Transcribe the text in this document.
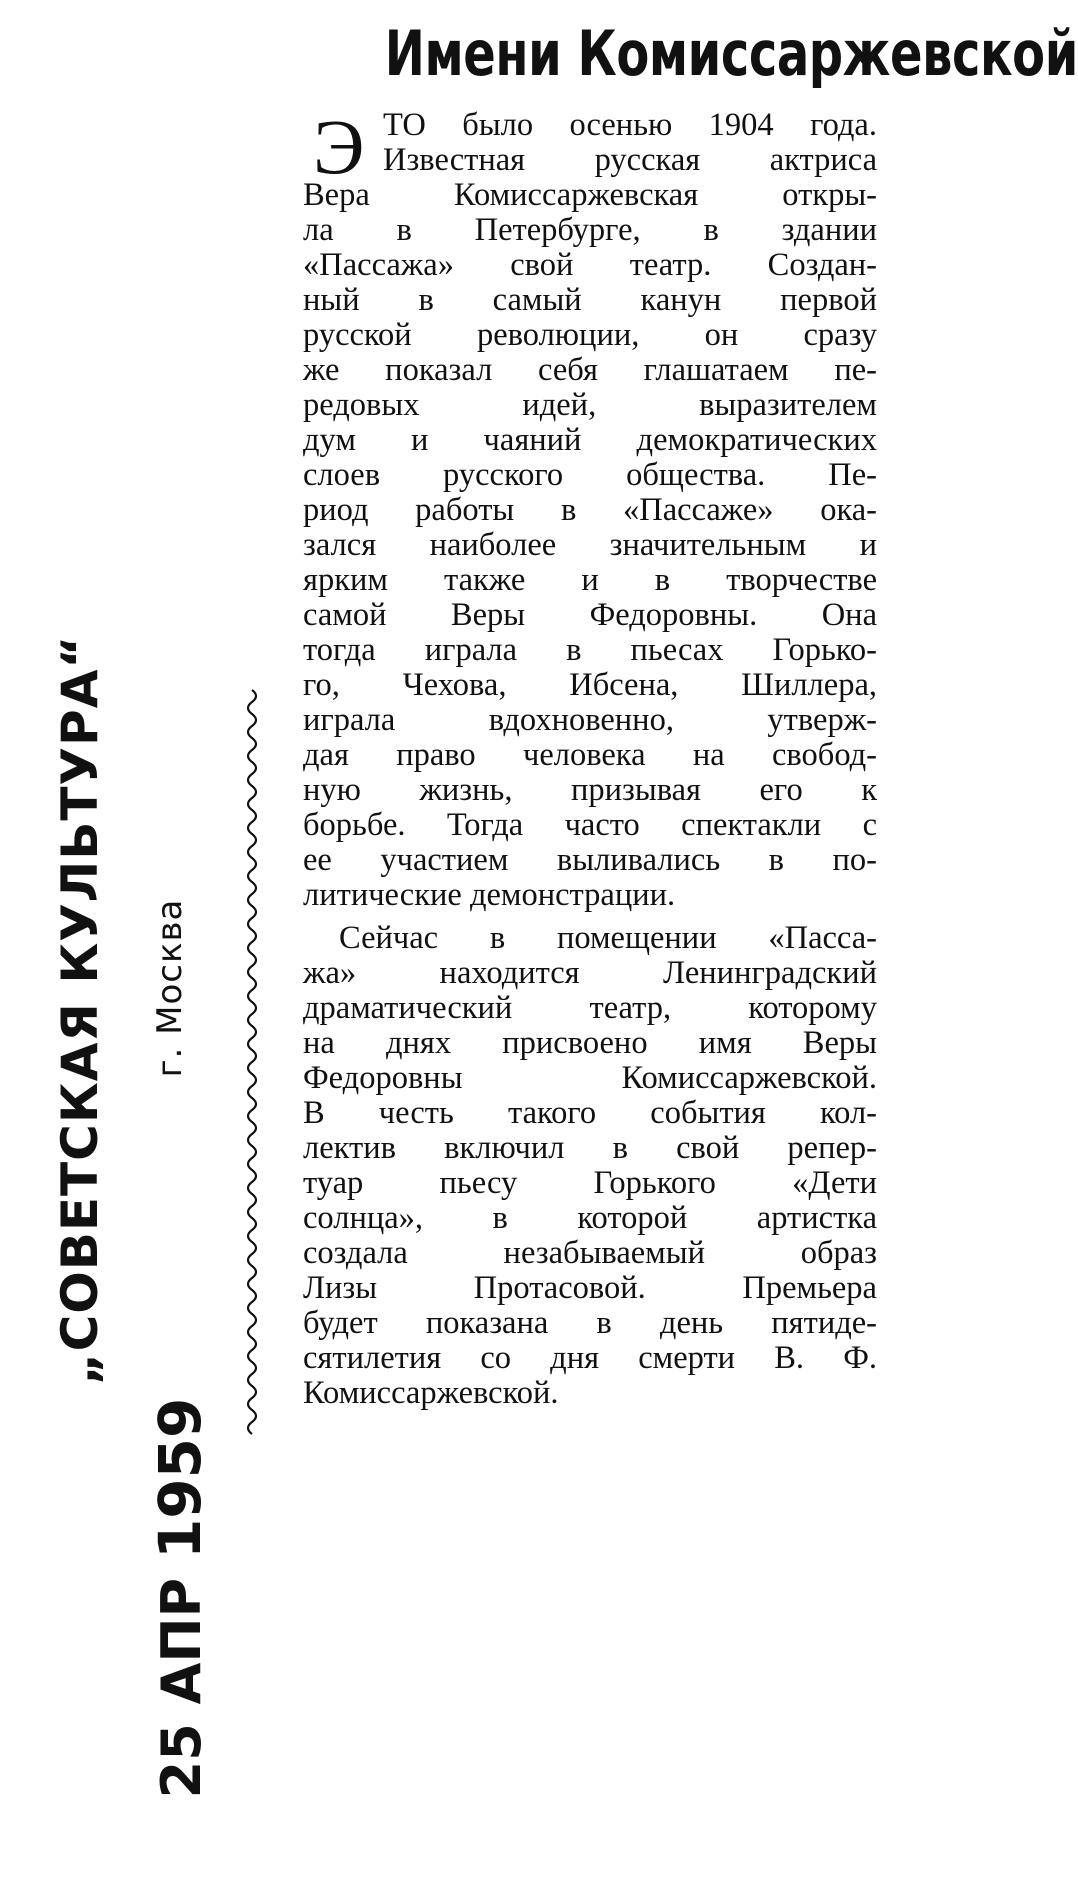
Имени Комиссаржевской
Э ТО было осенью 1904 года.
Известная русская актриса
Вера Комиссаржевская откры-
ла в Петербурге, в здании
«Пассажа» свой театр. Создан-
ный в самый канун первой
русской революции, он сразу
же показал себя глашатаем пе-
редовых идей, выразителем
дум и чаяний демократических
слоев русского общества. Пе-
риод работы в «Пассаже» ока-
зался наиболее значительным и
ярким также и в творчестве
самой Веры Федоровны. Она
тогда играла в пьесах Горько-
го, Чехова, Ибсена, Шиллера,
играла вдохновенно, утверж-
дая право человека на свобод-
ную жизнь, призывая его к
борьбе. Тогда часто спектакли с
ее участием выливались в по-
литические демонстрации.
Сейчас в помещении «Пасса-
жа» находится Ленинградский
драматический театр, которому
на днях присвоено имя Веры
Федоровны Комиссаржевской.
В честь такого события кол-
лектив включил в свой репер-
туар пьесу Горького «Дети
солнца», в которой артистка
создала незабываемый образ
Лизы Протасовой. Премьера
будет показана в день пятиде-
сятилетия со дня смерти В. Ф.
Комиссаржевской.
„СОВЕТСКАЯ КУЛЬТУРА“ г. Москва
25 АПР 1959
